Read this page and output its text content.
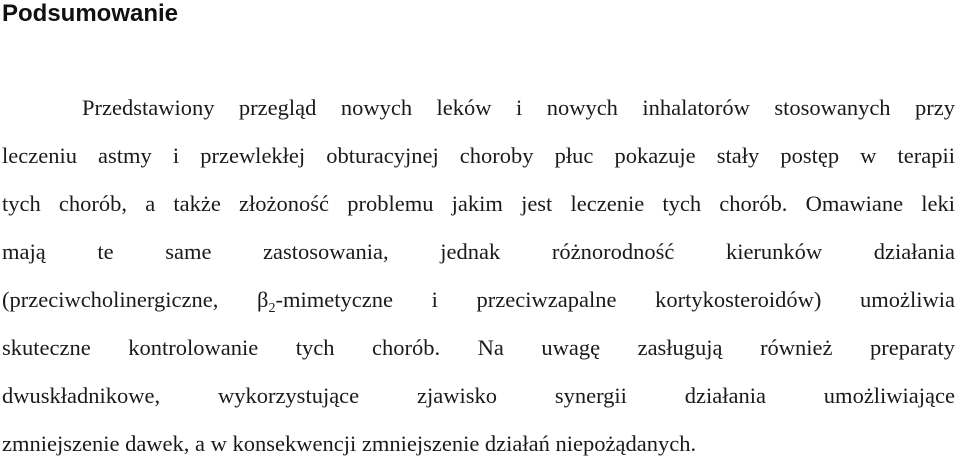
Podsumowanie
Przedstawiony przegląd nowych leków i nowych inhalatorów stosowanych przy
leczeniu astmy i przewlekłej obturacyjnej choroby płuc pokazuje stały postęp w terapii
tych chorób, a także złożoność problemu jakim jest leczenie tych chorób. Omawiane leki
mają te same zastosowania, jednak różnorodność kierunków działania
(przeciwcholinergiczne, $\beta_2$-mimetyczne i przeciwzapalne kortykosteroidów) umożliwia
skuteczne kontrolowanie tych chorób. Na uwagę zasługują również preparaty
dwuskładnikowe, wykorzystujące zjawisko synergii działania umożliwiające
zmniejszenie dawek, a w konsekwencji zmniejszenie działań niepożądanych.
